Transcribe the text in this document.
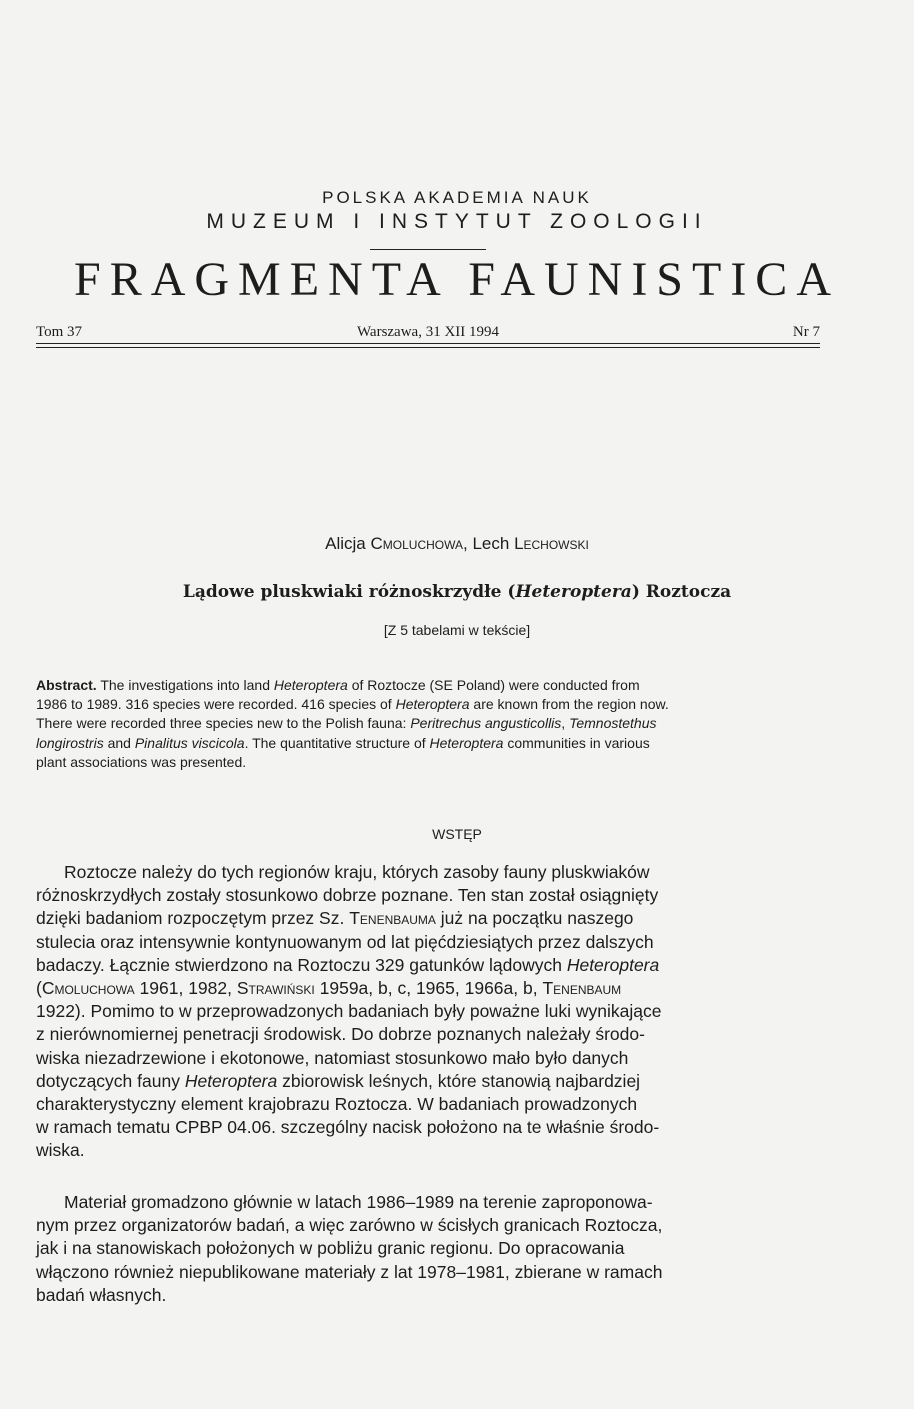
POLSKA AKADEMIA NAUK
MUZEUM I INSTYTUT ZOOLOGII
FRAGMENTA FAUNISTICA
Tom 37	Warszawa, 31 XII 1994	Nr 7
Alicja Cmoluchowa, Lech Lechowski
Lądowe pluskwiaki różnoskrzydłe (Heteroptera) Roztocza
[Z 5 tabelami w tekście]
Abstract. The investigations into land Heteroptera of Roztocze (SE Poland) were conducted from
1986 to 1989. 316 species were recorded. 416 species of Heteroptera are known from the region now.
There were recorded three species new to the Polish fauna: Peritrechus angusticollis, Temnostethus
longirostris and Pinalitus viscicola. The quantitative structure of Heteroptera communities in various
plant associations was presented.
WSTĘP
Roztocze należy do tych regionów kraju, których zasoby fauny pluskwiaków
różnoskrzydłych zostały stosunkowo dobrze poznane. Ten stan został osiągnięty
dzięki badaniom rozpoczętym przez Sz. Tenenbauma już na początku naszego
stulecia oraz intensywnie kontynuowanym od lat pięćdziesiątych przez dalszych
badaczy. Łącznie stwierdzono na Roztoczu 329 gatunków lądowych Heteroptera
(Cmoluchowa 1961, 1982, Strawiński 1959a, b, c, 1965, 1966a, b, Tenenbaum
1922). Pomimo to w przeprowadzonych badaniach były poważne luki wynikające
z nierównomiernej penetracji środowisk. Do dobrze poznanych należały środo-
wiska niezadrzewione i ekotonowe, natomiast stosunkowo mało było danych
dotyczących fauny Heteroptera zbiorowisk leśnych, które stanowią najbardziej
charakterystyczny element krajobrazu Roztocza. W badaniach prowadzonych
w ramach tematu CPBP 04.06. szczególny nacisk położono na te właśnie środo-
wiska.
Materiał gromadzono głównie w latach 1986–1989 na terenie zaproponowa-
nym przez organizatorów badań, a więc zarówno w ścisłych granicach Roztocza,
jak i na stanowiskach położonych w pobliżu granic regionu. Do opracowania
włączono również niepublikowane materiały z lat 1978–1981, zbierane w ramach
badań własnych.
